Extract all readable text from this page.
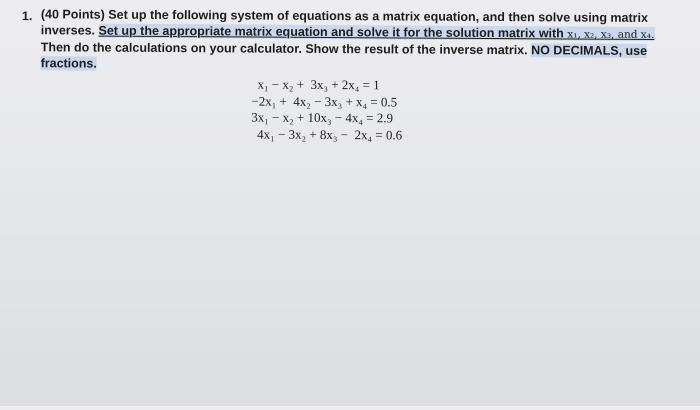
1. (40 Points) Set up the following system of equations as a matrix equation, and then solve using matrix
inverses. Set up the appropriate matrix equation and solve it for the solution matrix with x₁, x₂, x₃, and x₄.
Then do the calculations on your calculator. Show the result of the inverse matrix. NO DECIMALS, use
fractions.
x₁ − x₂ +  3x₃ + 2x₄ = 1
−2x₁ +  4x₂ − 3x₃ + x₄ = 0.5
3x₁ − x₂ + 10x₃ − 4x₄ = 2.9
4x₁ − 3x₂ + 8x₃ −  2x₄ = 0.6
